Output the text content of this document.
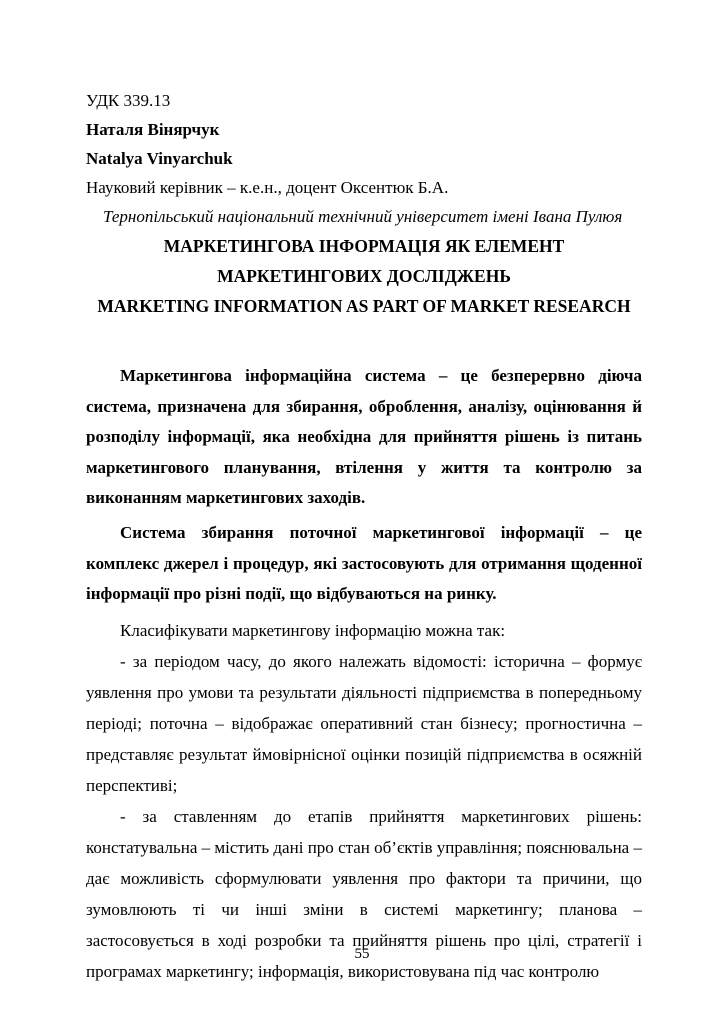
УДК 339.13

Наталя Вінярчук

Natalya Vinyarchuk

Науковий керівник – к.е.н., доцент Оксентюк Б.А.

Тернопільський національний технічний університет імені Івана Пулюя

МАРКЕТИНГОВА ІНФОРМАЦІЯ ЯК ЕЛЕМЕНТ

МАРКЕТИНГОВИХ ДОСЛІДЖЕНЬ

MARKETING INFORMATION AS PART OF MARKET RESEARCH

Маркетингова інформаційна система – це безперервно діюча система, призначена для збирання, оброблення, аналізу, оцінювання й розподілу інформації, яка необхідна для прийняття рішень із питань маркетингового планування, втілення у життя та контролю за виконанням маркетингових заходів.

Система збирання поточної маркетингової інформації – це комплекс джерел і процедур, які застосовують для отримання щоденної інформації про різні події, що відбуваються на ринку.

Класифікувати маркетингову інформацію можна так:

- за періодом часу, до якого належать відомості: історична – формує уявлення про умови та результати діяльності підприємства в попередньому періоді; поточна – відображає оперативний стан бізнесу; прогностична – представляє результат ймовірнісної оцінки позицій підприємства в осяжній перспективі;

- за ставленням до етапів прийняття маркетингових рішень: констатувальна – містить дані про стан об’єктів управління; пояснювальна – дає можливість сформулювати уявлення про фактори та причини, що зумовлюють ті чи інші зміни в системі маркетингу; планова – застосовується в ході розробки та прийняття рішень про цілі, стратегії і програмах маркетингу; інформація, використовувана під час контролю

55
